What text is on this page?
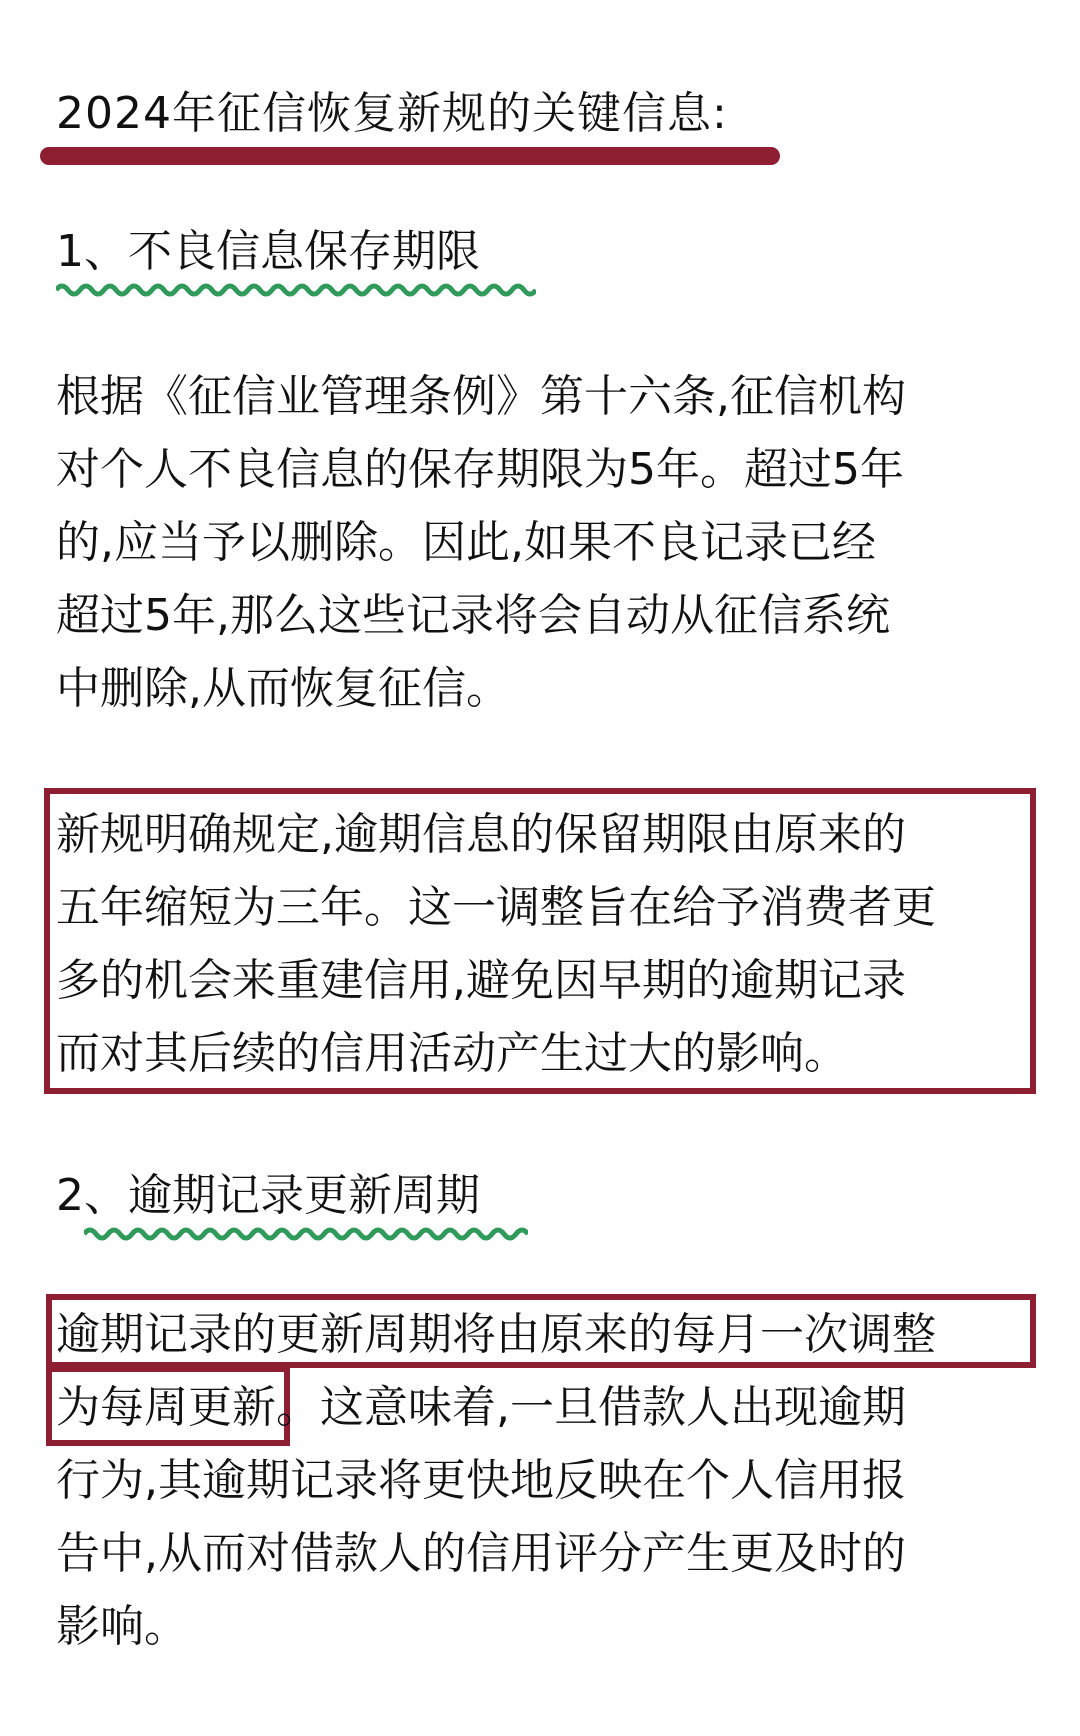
2024年征信恢复新规的关键信息:
1、不良信息保存期限
根据《征信业管理条例》第十六条,征信机构
对个人不良信息的保存期限为5年。超过5年
的,应当予以删除。因此,如果不良记录已经
超过5年,那么这些记录将会自动从征信系统
中删除,从而恢复征信。
新规明确规定,逾期信息的保留期限由原来的
五年缩短为三年。这一调整旨在给予消费者更
多的机会来重建信用,避免因早期的逾期记录
而对其后续的信用活动产生过大的影响。
2、逾期记录更新周期
逾期记录的更新周期将由原来的每月一次调整
为每周更新。这意味着,一旦借款人出现逾期
行为,其逾期记录将更快地反映在个人信用报
告中,从而对借款人的信用评分产生更及时的
影响。
